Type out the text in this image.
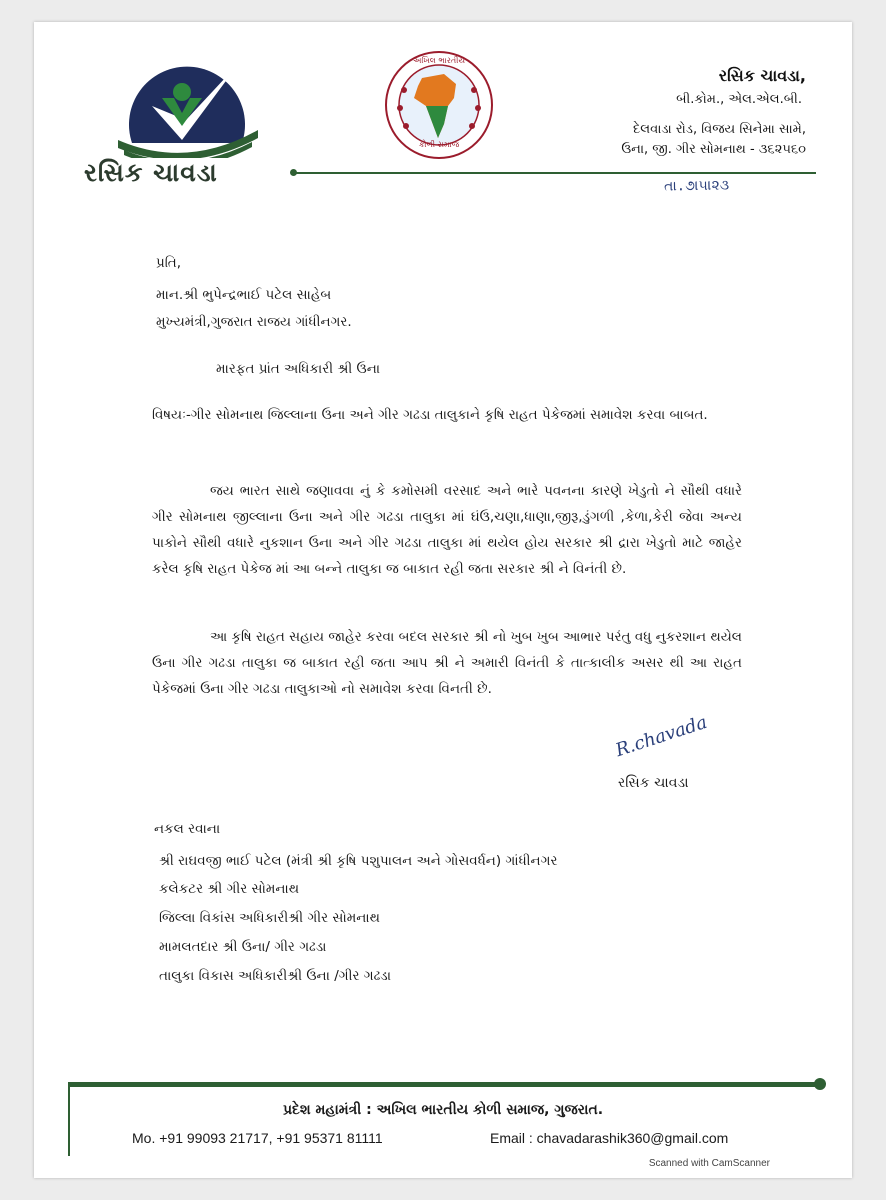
રસિક ચાવડા
અખિલ ભારતીય
કોળી સમાજ
રસિક ચાવડા,
બી.કોમ., એલ.એલ.બી.
દેલવાડા રોડ, વિજય સિનેમા સામે,
ઉના, જી. ગીર સોમનાથ - ૩૬૨૫૬૦
તા.૭।૫।૨૩
પ્રતિ,
માન.શ્રી ભુપેન્દ્રભાઈ પટેલ સાહેબ
મુખ્યમંત્રી,ગુજરાત રાજય ગાંધીનગર.
મારફત પ્રાંત અધિકારી શ્રી ઉના
વિષયઃ-ગીર સોમનાથ જિલ્લાના ઉના અને ગીર ગઢડા તાલુકાને કૃષિ રાહત પેકેજમાં સમાવેશ કરવા બાબત.
જય ભારત સાથે જણાવવા નું કે કમોસમી વરસાદ અને ભારે પવનના કારણે ખેડુતો ને સૌથી વધારે ગીર સોમનાથ જીલ્લાના ઉના અને ગીર ગઢડા તાલુકા માં ઘંઉ,ચણા,ધાણા,જીરૂ,ડુંગળી ,કેળા,કેરી જેવા અન્ય પાકોને સૌથી વધારે નુકશાન ઉના અને ગીર ગઢડા તાલુકા માં થયેલ હોય સરકાર શ્રી દ્રારા ખેડુતો માટે જાહેર કરેલ કૃષિ રાહત પેકેજ માં આ બન્ને તાલુકા જ બાકાત રહી જતા સરકાર શ્રી ને વિનંતી છે.
આ કૃષિ રાહત સહાય જાહેર કરવા બદલ સરકાર શ્રી નો ખુબ ખુબ આભાર પરંતુ વધુ નુકરશાન થયેલ ઉના ગીર ગઢડા તાલુકા જ બાકાત રહી જતા આપ શ્રી ને અમારી વિનંતી કે તાત્કાલીક અસર થી આ રાહત પેકેજમાં ઉના ગીર ગઢડા તાલુકાઓ નો સમાવેશ કરવા વિનતી છે.
R.chavada
રસિક ચાવડા
નકલ રવાના
શ્રી રાઘવજી ભાઈ પટેલ (મંત્રી શ્રી કૃષિ પશુપાલન અને ગોસવર્ધન) ગાંધીનગર
કલેકટર શ્રી ગીર સોમનાથ
જિલ્લા વિકાંસ અધિકારીશ્રી ગીર સોમનાથ
મામલતદાર શ્રી ઉના/ ગીર ગઢડા
તાલુકા વિકાસ અધિકારીશ્રી ઉના /ગીર ગઢડા
પ્રદેશ મહામંત્રી : અખિલ ભારતીય કોળી સમાજ, ગુજરાત.
Mo. +91 99093 21717, +91 95371 81111	Email : chavadarashik360@gmail.com
Scanned with CamScanner
